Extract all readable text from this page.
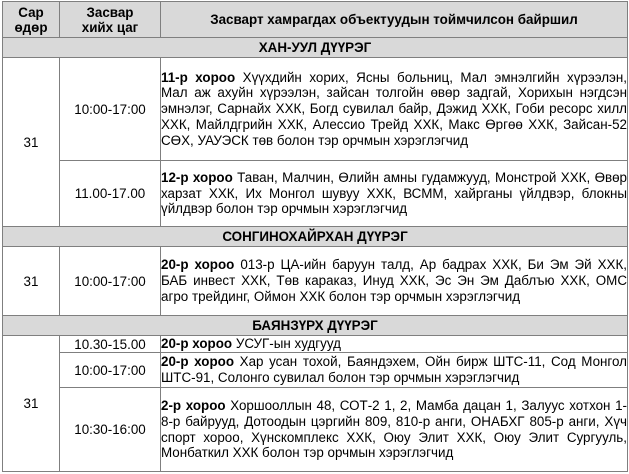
Сар өдөр	Засвар хийх цаг	Засварт хамрагдах объектуудын тоймчилсон байршил
ХАН-УУЛ ДҮҮРЭГ		
31	10:00-17:00	11-р хороо Хүүхдийн хорих, Ясны больниц, Мал эмнэлгийн хүрээлэн, Мал аж ахуйн хүрээлэн, зайсан толгойн өвөр задгай, Хорихын нэгдсэн эмнэлэг, Сарнайх ХХК, Богд сувилал байр, Дэжид ХХК, Гоби ресорс хилл ХХК, Майлдгрийн ХХК, Алессио Трейд ХХК, Макс Өргөө ХХК, Зайсан-52 СӨХ, УАУЭСК төв болон тэр орчмын хэрэглэгчид
	11.00-17.00	12-р хороо Таван, Малчин, Өлийн амны гудамжууд, Монстрой ХХК, Өвөр харзат ХХК, Их Монгол шувуу ХХК, ВСММ, хайрганы үйлдвэр, блокны үйлдвэр болон тэр орчмын хэрэглэгчид
СОНГИНОХАЙРХАН ДҮҮРЭГ		
31	10:00-17:00	20-р хороо 013-р ЦА-ийн баруун талд, Ар бадрах ХХК, Би Эм Эй ХХК, БАБ инвест ХХК, Төв караказ, Инуд ХХК, Эс Эн Эм Даблъю ХХК, ОМС агро трейдинг, Оймон ХХК болон тэр орчмын хэрэглэгчид
БАЯНЗҮРХ ДҮҮРЭГ		
31	10.30-15.00	20-р хороо УСУГ-ын худгууд
	10:00-17:00	20-р хороо Хар усан тохой, Баяндэхем, Ойн бирж ШТС-11, Сод Монгол ШТС-91, Солонго сувилал болон тэр орчмын хэрэглэгчид
	10:30-16:00	2-р хороо Хоршооллын 48, СОТ-2 1, 2, Мамба дацан 1, Залуус хотхон 1-8-р байрууд, Дотоодын цэргийн 809, 810-р анги, ОНАБХГ 805-р анги, Хүч спорт хороо, Хүнскомплекс ХХК, Оюу Элит ХХК, Оюу Элит Сургууль, Монбаткил ХХК болон тэр орчмын хэрэглэгчид
